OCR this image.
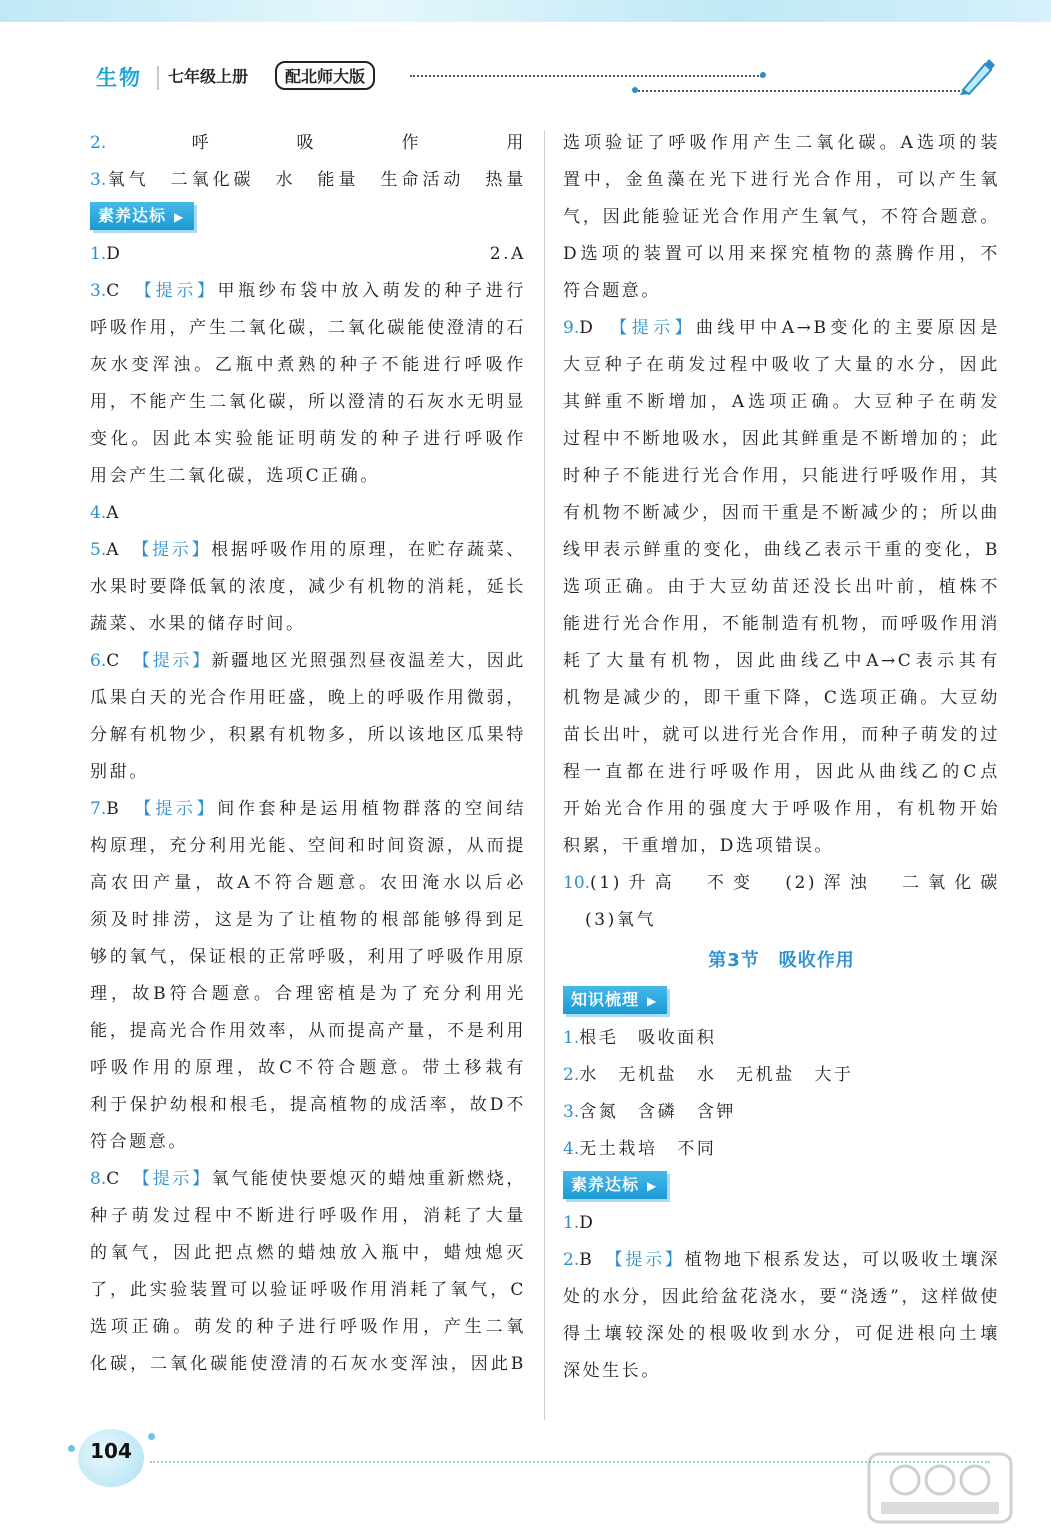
生物 七年级上册	配北师大版
2.呼吸作用
3.氧气　二氧化碳　水　能量　生命活动　热量
素养达标 ▶
1.D　2.A
3.C　 【提示】甲瓶纱布袋中放入萌发的种子进行
呼吸作用，产生二氧化碳，二氧化碳能使澄清的石
灰水变浑浊。乙瓶中煮熟的种子不能进行呼吸作
用，不能产生二氧化碳，所以澄清的石灰水无明显
变化。因此本实验能证明萌发的种子进行呼吸作
用会产生二氧化碳，选项C正确。
4.A
5.A　 【提示】根据呼吸作用的原理，在贮存蔬菜、
水果时要降低氧的浓度，减少有机物的消耗，延长
蔬菜、水果的储存时间。
6.C　 【提示】新疆地区光照强烈昼夜温差大，因此
瓜果白天的光合作用旺盛，晚上的呼吸作用微弱，
分解有机物少，积累有机物多，所以该地区瓜果特
别甜。
7.B　 【提示】间作套种是运用植物群落的空间结
构原理，充分利用光能、空间和时间资源，从而提
高农田产量，故A不符合题意。农田淹水以后必
须及时排涝，这是为了让植物的根部能够得到足
够的氧气，保证根的正常呼吸，利用了呼吸作用原
理，故B符合题意。合理密植是为了充分利用光
能，提高光合作用效率，从而提高产量，不是利用
呼吸作用的原理，故C不符合题意。带土移栽有
利于保护幼根和根毛，提高植物的成活率，故D不
符合题意。
8.C　 【提示】氧气能使快要熄灭的蜡烛重新燃烧，
种子萌发过程中不断进行呼吸作用，消耗了大量
的氧气，因此把点燃的蜡烛放入瓶中，蜡烛熄灭
了，此实验装置可以验证呼吸作用消耗了氧气，C
选项正确。萌发的种子进行呼吸作用，产生二氧
化碳，二氧化碳能使澄清的石灰水变浑浊，因此B
选项验证了呼吸作用产生二氧化碳。A选项的装
置中，金鱼藻在光下进行光合作用，可以产生氧
气，因此能验证光合作用产生氧气，不符合题意。
D选项的装置可以用来探究植物的蒸腾作用，不
符合题意。
9.D　 【提示】曲线甲中A→B变化的主要原因是
大豆种子在萌发过程中吸收了大量的水分，因此
其鲜重不断增加，A选项正确。大豆种子在萌发
过程中不断地吸水，因此其鲜重是不断增加的；此
时种子不能进行光合作用，只能进行呼吸作用，其
有机物不断减少，因而干重是不断减少的；所以曲
线甲表示鲜重的变化，曲线乙表示干重的变化，B
选项正确。由于大豆幼苗还没长出叶前，植株不
能进行光合作用，不能制造有机物，而呼吸作用消
耗了大量有机物，因此曲线乙中A→C表示其有
机物是减少的，即干重下降，C选项正确。大豆幼
苗长出叶，就可以进行光合作用，而种子萌发的过
程一直都在进行呼吸作用，因此从曲线乙的C点
开始光合作用的强度大于呼吸作用，有机物开始
积累，干重增加，D选项错误。
10.(1)升高　不变　(2)浑浊　二氧化碳
(3)氧气
第3节　吸收作用
知识梳理 ▶
1.根毛　吸收面积
2.水　无机盐　水　无机盐　大于
3.含氮　含磷　含钾
4.无土栽培　不同
素养达标 ▶
1.D
2.B　 【提示】植物地下根系发达，可以吸收土壤深
处的水分，因此给盆花浇水，要“浇透”，这样做使
得土壤较深处的根吸收到水分，可促进根向土壤
深处生长。
104
